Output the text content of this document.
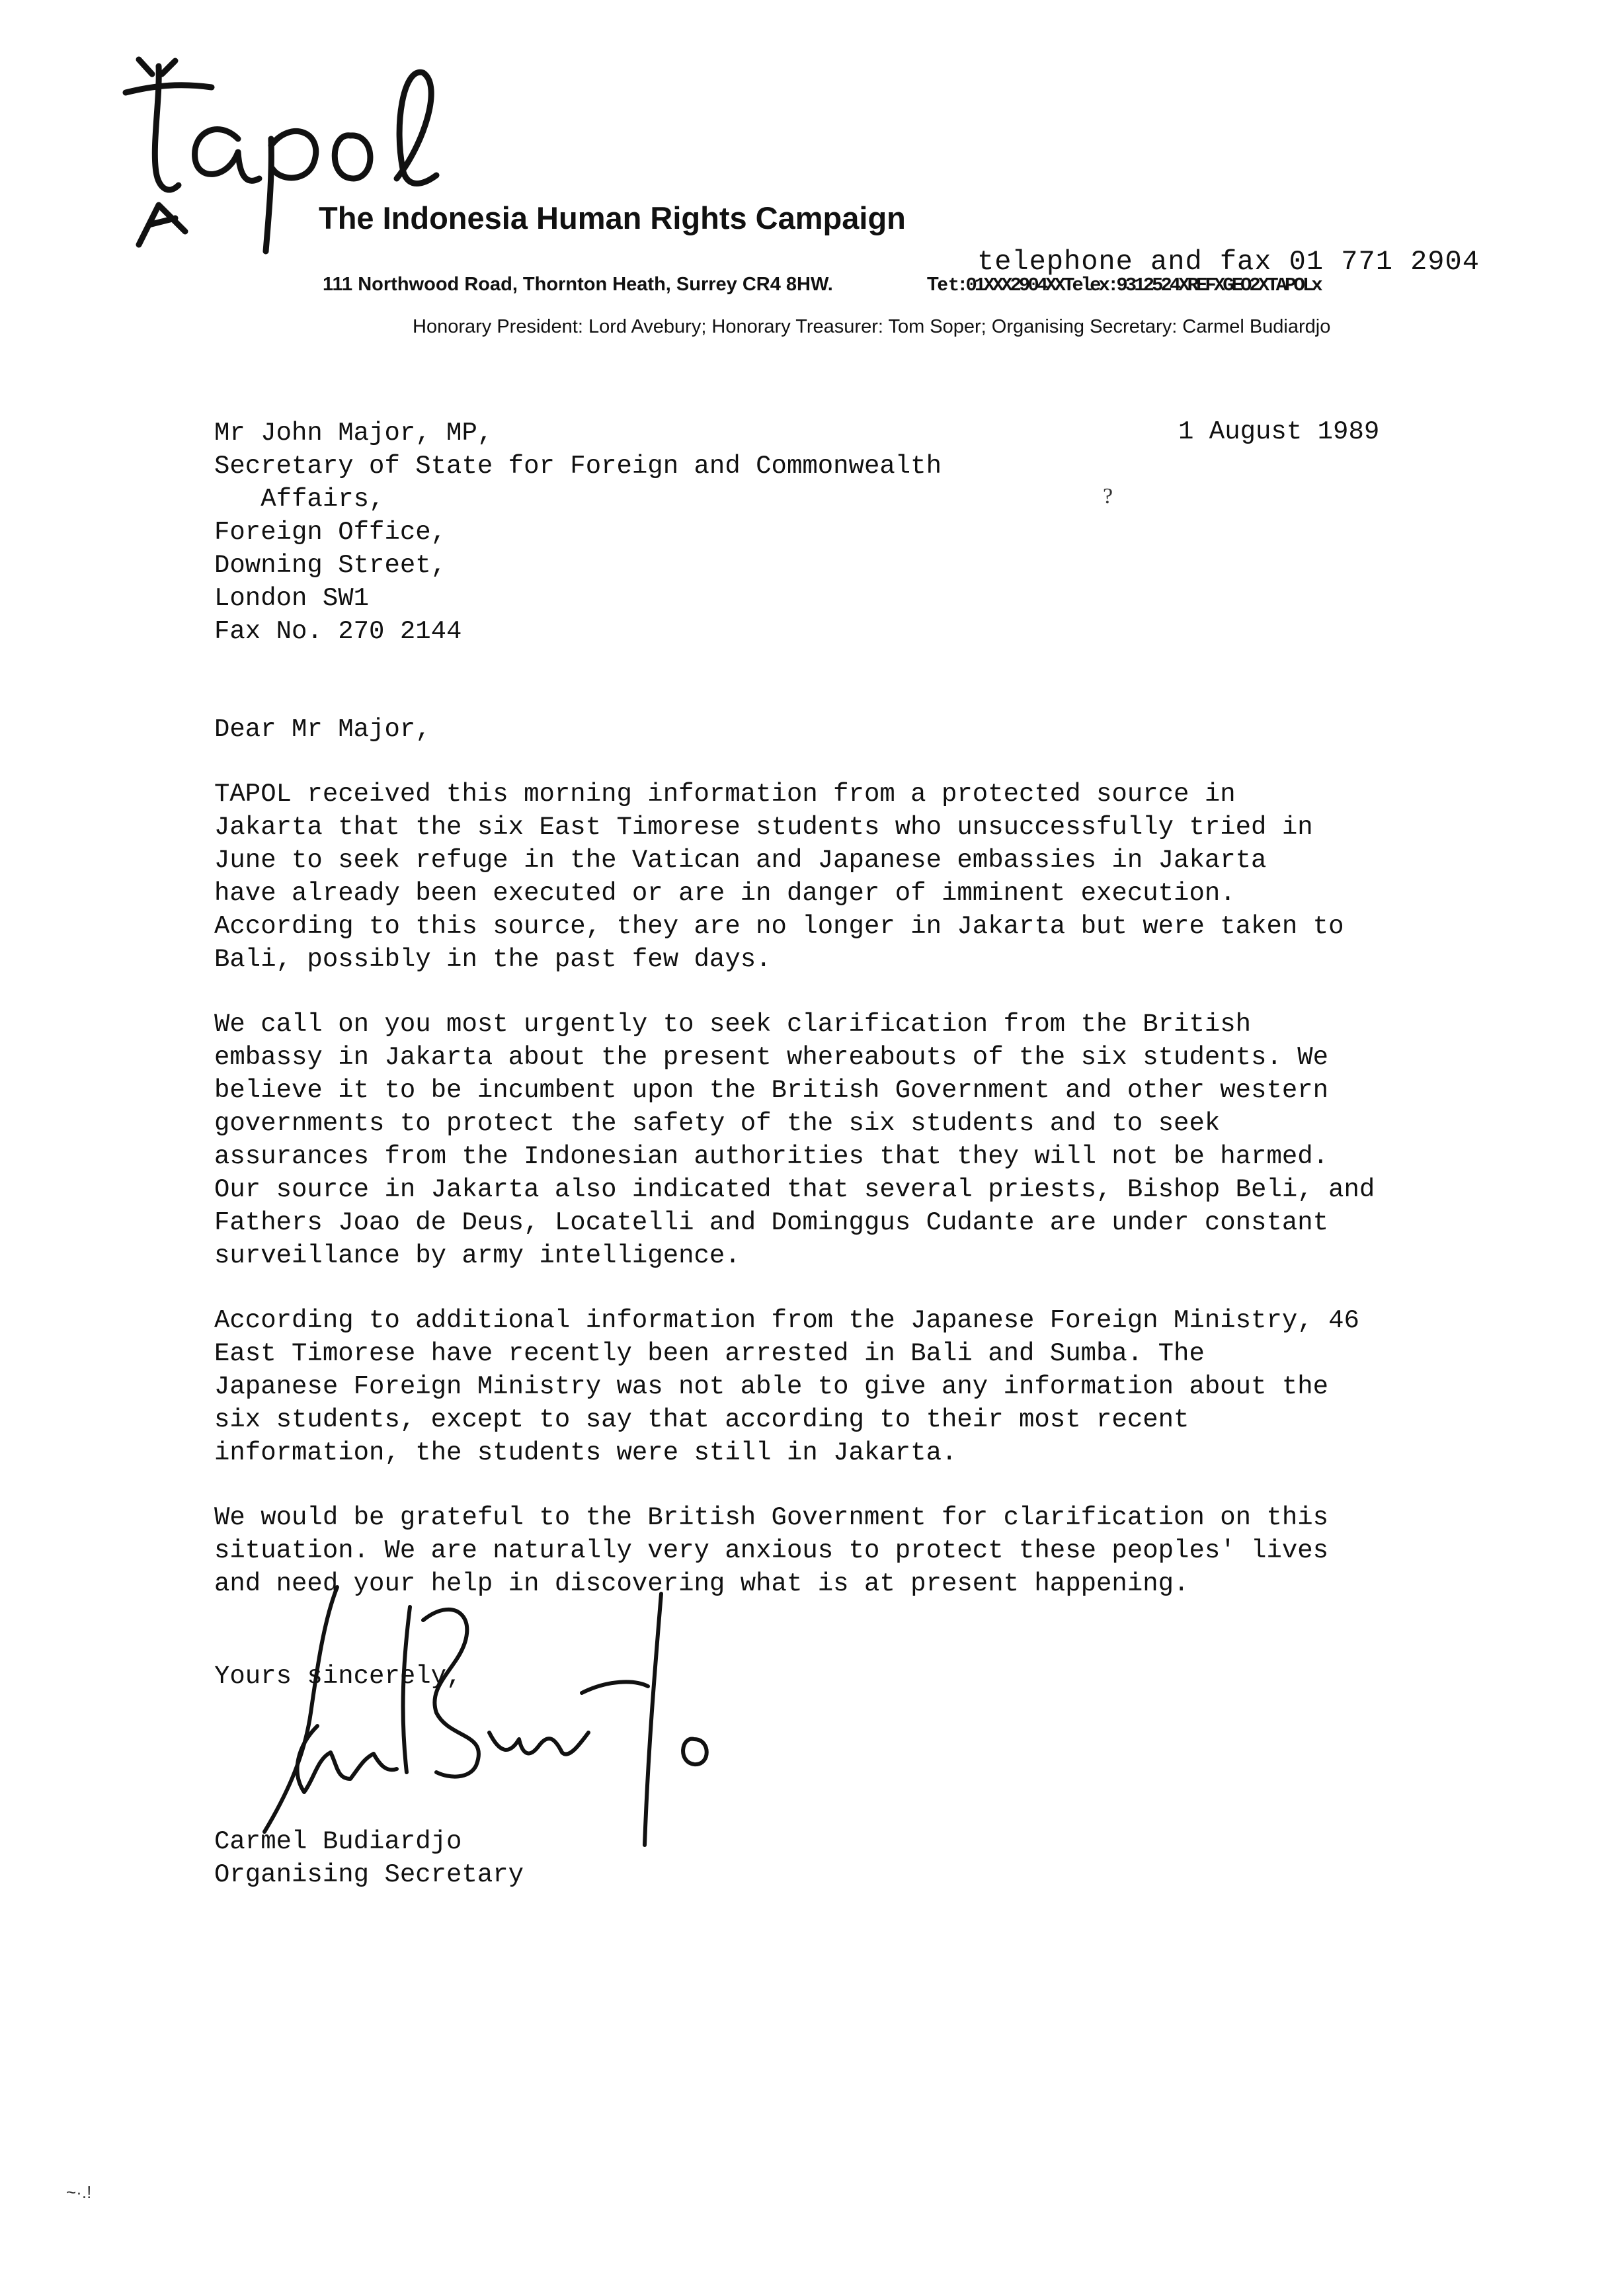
The Indonesia Human Rights Campaign
111 Northwood Road, Thornton Heath, Surrey CR4 8HW.	Tet:01XXX2904XXTelex:9312524XREFXGEO2XTAPOLx
telephone and fax 01 771 2904
Honorary President: Lord Avebury; Honorary Treasurer: Tom Soper; Organising Secretary: Carmel Budiardjo
1 August 1989
Mr John Major, MP,
Secretary of State for Foreign and Commonwealth
Affairs,
Foreign Office,
Downing Street,
London SW1
Fax No. 270 2144
?
Dear Mr Major,
TAPOL received this morning information from a protected source in
Jakarta that the six East Timorese students who unsuccessfully tried in
June to seek refuge in the Vatican and Japanese embassies in Jakarta
have already been executed or are in danger of imminent execution.
According to this source, they are no longer in Jakarta but were taken to
Bali, possibly in the past few days.
We call on you most urgently to seek clarification from the British
embassy in Jakarta about the present whereabouts of the six students. We
believe it to be incumbent upon the British Government and other western
governments to protect the safety of the six students and to seek
assurances from the Indonesian authorities that they will not be harmed.
Our source in Jakarta also indicated that several priests, Bishop Beli, and
Fathers Joao de Deus, Locatelli and Dominggus Cudante are under constant
surveillance by army intelligence.
According to additional information from the Japanese Foreign Ministry, 46
East Timorese have recently been arrested in Bali and Sumba. The
Japanese Foreign Ministry was not able to give any information about the
six students, except to say that according to their most recent
information, the students were still in Jakarta.
We would be grateful to the British Government for clarification on this
situation. We are naturally very anxious to protect these peoples' lives
and need your help in discovering what is at present happening.
Yours sincerely,
Carmel Budiardjo
Organising Secretary
~·.!
